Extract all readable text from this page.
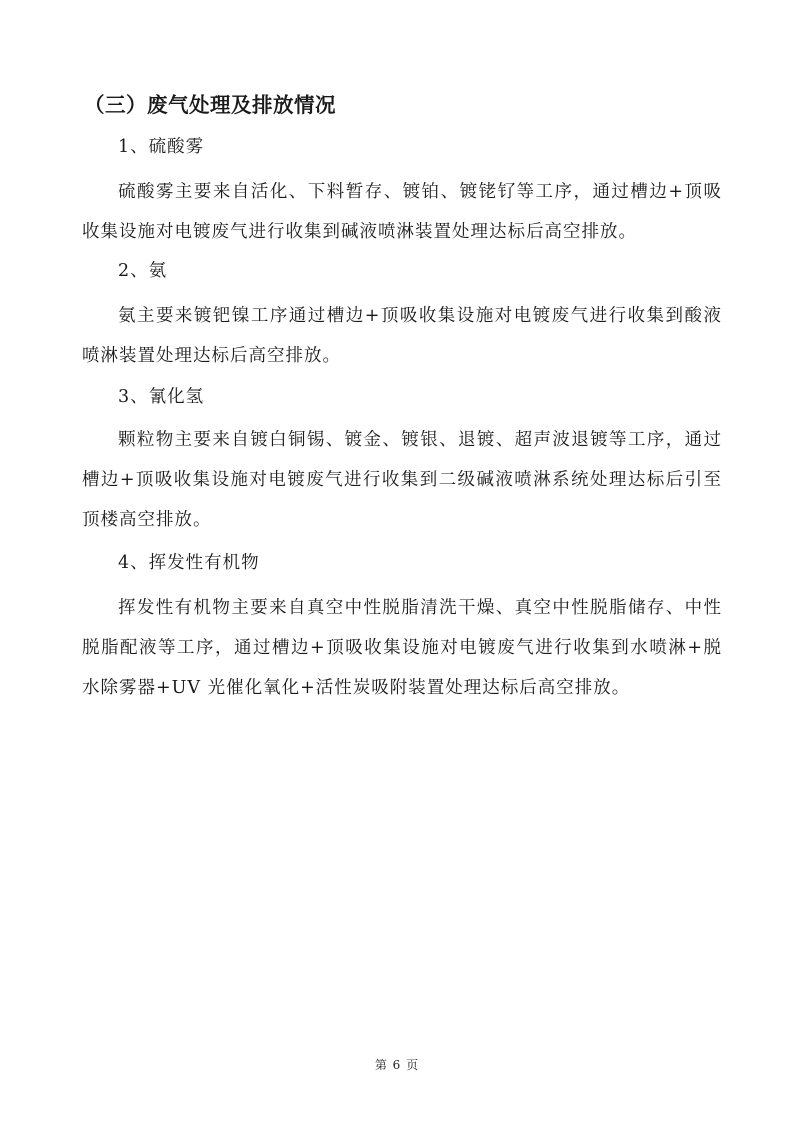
（三）废气处理及排放情况
1、硫酸雾
硫酸雾主要来自活化、下料暂存、镀铂、镀铑钌等工序，通过槽边+顶吸收集设施对电镀废气进行收集到碱液喷淋装置处理达标后高空排放。
2、氨
氨主要来镀钯镍工序通过槽边+顶吸收集设施对电镀废气进行收集到酸液喷淋装置处理达标后高空排放。
3、氰化氢
颗粒物主要来自镀白铜锡、镀金、镀银、退镀、超声波退镀等工序，通过槽边+顶吸收集设施对电镀废气进行收集到二级碱液喷淋系统处理达标后引至顶楼高空排放。
4、挥发性有机物
挥发性有机物主要来自真空中性脱脂清洗干燥、真空中性脱脂储存、中性脱脂配液等工序，通过槽边+顶吸收集设施对电镀废气进行收集到水喷淋+脱水除雾器+UV 光催化氧化+活性炭吸附装置处理达标后高空排放。
第 6 页
